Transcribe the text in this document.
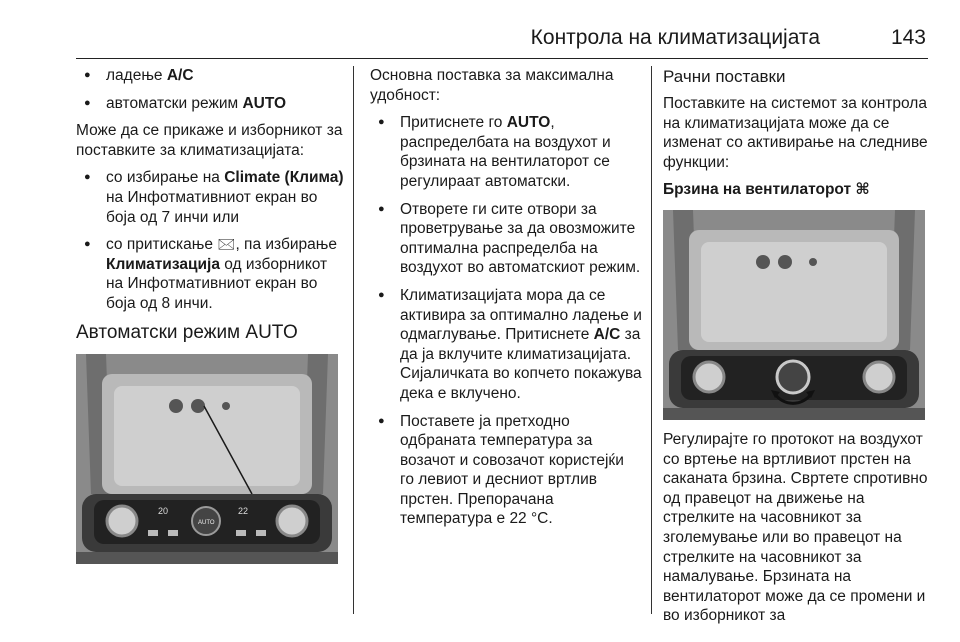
Контрола на климатизацијата	143
● ладење A/C
● автоматски режим AUTO

Може да се прикаже и изборникот за поставките за климатизацијата:

● со избирање на Climate (Клима) на Инфотмативниот екран во боја од 7 инчи или
● со притискање 🖂, па избирање Климатизација од изборникот на Инфотмативниот екран во боја од 8 инчи.
Автоматски режим AUTO
20	22
AUTO

Основна поставка за максимална удобност:

● Притиснете го AUTO, распределбата на воздухот и брзината на вентилаторот се регулираат автоматски.
● Отворете ги сите отвори за проветрување за да овозможите оптимална распределба на воздухот во автоматскиот режим.
● Климатизацијата мора да се активира за оптимално ладење и одмаглување. Притиснете A/C за да ја вклучите климатизацијата. Сијаличката во копчето покажува дека е вклучено.
● Поставете ја претходно одбраната температура за возачот и совозачот користејќи го левиот и десниот вртлив прстен. Препорачана температура е 22 °C.
Рачни поставки

Поставките на системот за контрола на климатизацијата може да се изменат со активирање на следниве функции:

Брзина на вентилаторот ⌘

Регулирајте го протокот на воздухот со вртење на вртливиот прстен на саканата брзина. Свртете спротивно од правецот на движење на стрелките на часовникот за зголемување или во правецот на стрелките на часовникот за намалување. Брзината на вентилаторот може да се промени и во изборникот за
